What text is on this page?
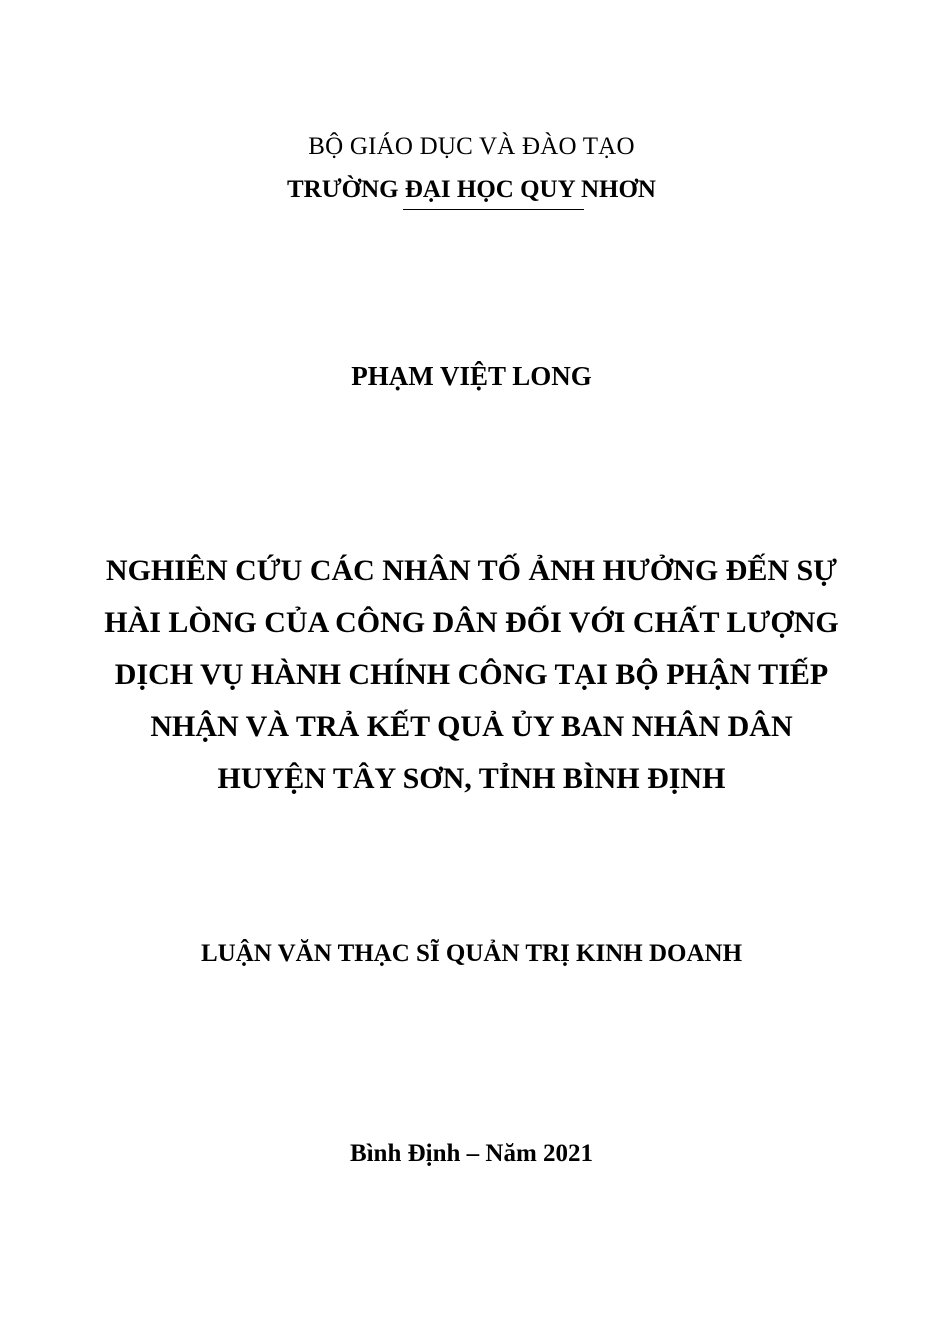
BỘ GIÁO DỤC VÀ ĐÀO TẠO
TRƯỜNG ĐẠI HỌC QUY NHƠN
PHẠM VIỆT LONG
NGHIÊN CỨU CÁC NHÂN TỐ ẢNH HƯỞNG ĐẾN SỰ
HÀI LÒNG CỦA CÔNG DÂN ĐỐI VỚI CHẤT LƯỢNG
DỊCH VỤ HÀNH CHÍNH CÔNG TẠI BỘ PHẬN TIẾP
NHẬN VÀ TRẢ KẾT QUẢ ỦY BAN NHÂN DÂN
HUYỆN TÂY SƠN, TỈNH BÌNH ĐỊNH
LUẬN VĂN THẠC SĨ QUẢN TRỊ KINH DOANH
Bình Định – Năm 2021
